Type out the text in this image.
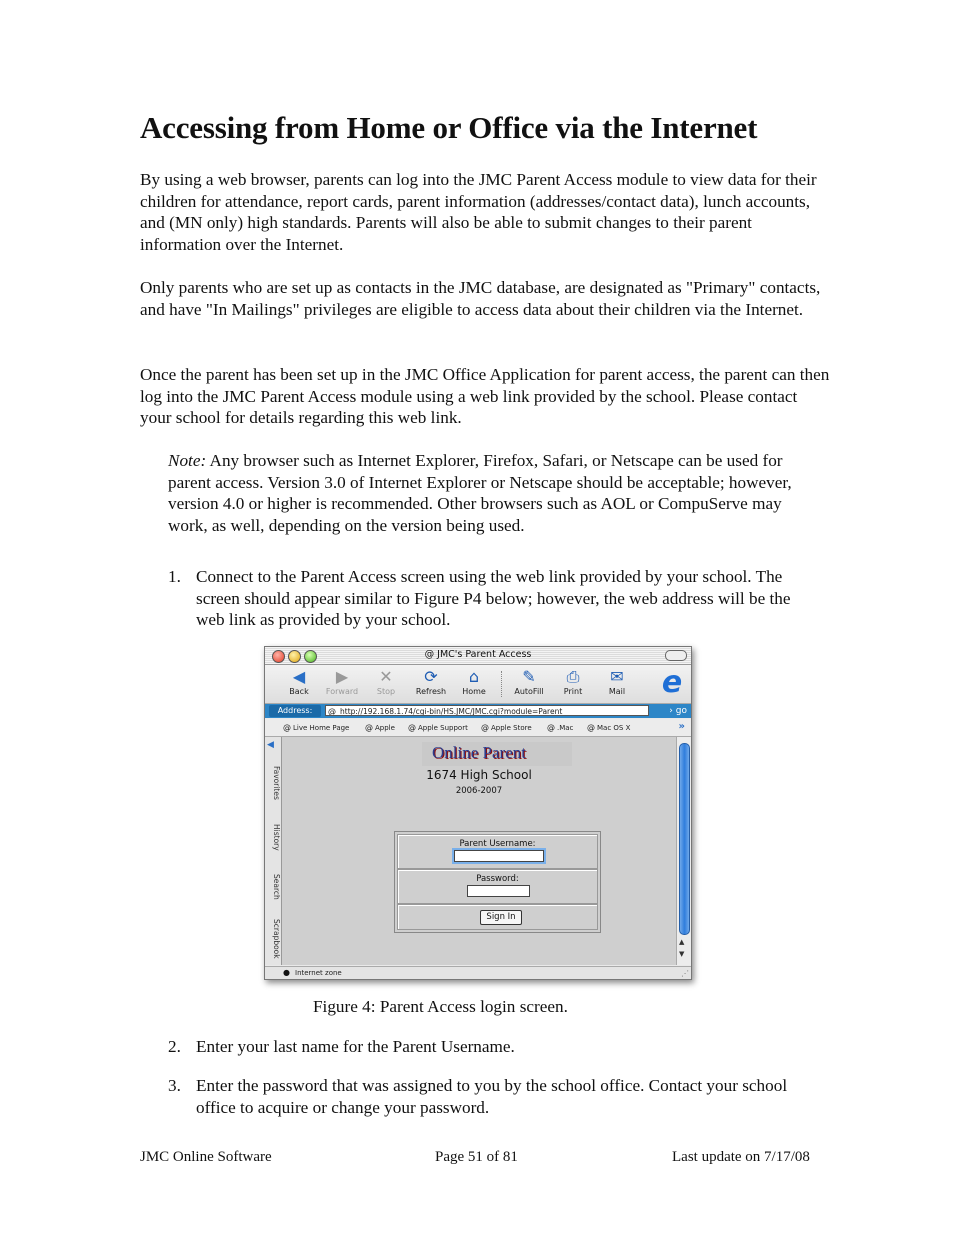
Accessing from Home or Office via the Internet

By using a web browser, parents can log into the JMC Parent Access module to view data for their children for attendance, report cards, parent information (addresses/contact data), lunch accounts, and (MN only) high standards. Parents will also be able to submit changes to their parent information over the Internet.

Only parents who are set up as contacts in the JMC database, are designated as "Primary" contacts, and have "In Mailings" privileges are eligible to access data about their children via the Internet.

Once the parent has been set up in the JMC Office Application for parent access, the parent can then log into the JMC Parent Access module using a web link provided by the school. Please contact your school for details regarding this web link.

Note: Any browser such as Internet Explorer, Firefox, Safari, or Netscape can be used for parent access. Version 3.0 of Internet Explorer or Netscape should be acceptable; however, version 4.0 or higher is recommended. Other browsers such as AOL or CompuServe may work, as well, depending on the version being used.

1. Connect to the Parent Access screen using the web link provided by your school. The screen should appear similar to Figure P4 below; however, the web address will be the web link as provided by your school.
@ JMC's Parent Access
◀
Back
▶
Forward
✕
Stop
⟳
Refresh
⌂
Home
✎
AutoFill
⎙
Print
✉
Mail	e
Address:	@ http://192.168.1.74/cgi-bin/HS.JMC/JMC.cgi?module=Parent	› go
@ Live Home Page @ Apple @ Apple Support @ Apple Store @ .Mac @ Mac OS X	»
◀
Favorites
History
Search
Scrapbook
Online Parent
1674 High School
2006-2007
Parent Username:
Password:
Sign In
▲
▼
● Internet zone	⋰
Figure 4: Parent Access login screen.
2. Enter your last name for the Parent Username.
3. Enter the password that was assigned to you by the school office. Contact your school office to acquire or change your password.
JMC Online Software	Page 51 of 81	Last update on 7/17/08
